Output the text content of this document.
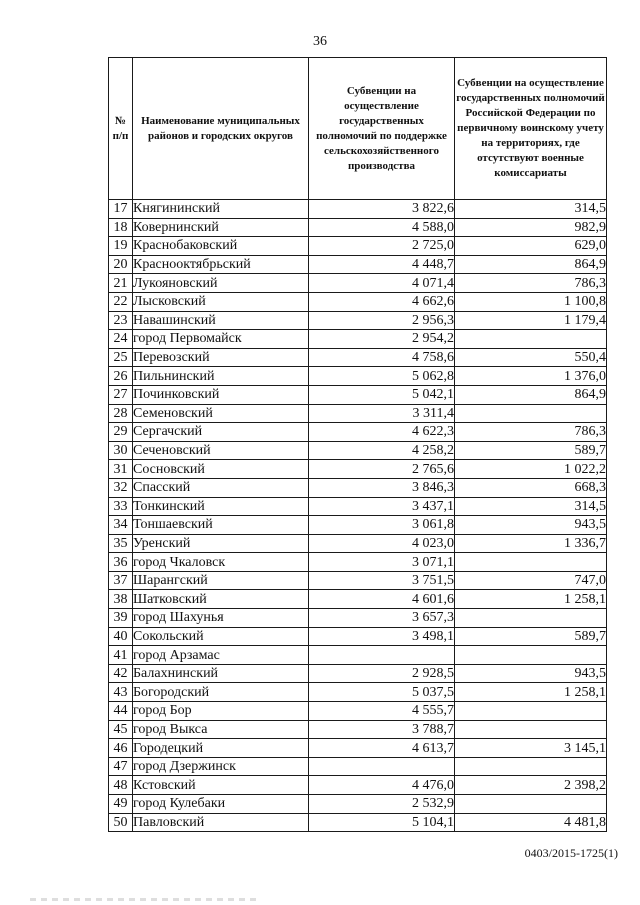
36
№ п/п	Наименование муниципальных районов и городских округов	Субвенции на осуществление государственных полномочий по поддержке сельскохозяйственного производства	Субвенции на осуществление государственных полномочий Российской Федерации по первичному воинскому учету на территориях, где отсутствуют военные комиссариаты
17	Княгининский	3 822,6	314,5
18	Ковернинский	4 588,0	982,9
19	Краснобаковский	2 725,0	629,0
20	Краснооктябрьский	4 448,7	864,9
21	Лукояновский	4 071,4	786,3
22	Лысковский	4 662,6	1 100,8
23	Навашинский	2 956,3	1 179,4
24	город Первомайск	2 954,2	
25	Перевозский	4 758,6	550,4
26	Пильнинский	5 062,8	1 376,0
27	Починковский	5 042,1	864,9
28	Семеновский	3 311,4	
29	Сергачский	4 622,3	786,3
30	Сеченовский	4 258,2	589,7
31	Сосновский	2 765,6	1 022,2
32	Спасский	3 846,3	668,3
33	Тонкинский	3 437,1	314,5
34	Тоншаевский	3 061,8	943,5
35	Уренский	4 023,0	1 336,7
36	город Чкаловск	3 071,1	
37	Шарангский	3 751,5	747,0
38	Шатковский	4 601,6	1 258,1
39	город Шахунья	3 657,3	
40	Сокольский	3 498,1	589,7
41	город Арзамас		
42	Балахнинский	2 928,5	943,5
43	Богородский	5 037,5	1 258,1
44	город Бор	4 555,7	
45	город Выкса	3 788,7	
46	Городецкий	4 613,7	3 145,1
47	город Дзержинск		
48	Кстовский	4 476,0	2 398,2
49	город Кулебаки	2 532,9	
50	Павловский	5 104,1	4 481,8
0403/2015-1725(1)
